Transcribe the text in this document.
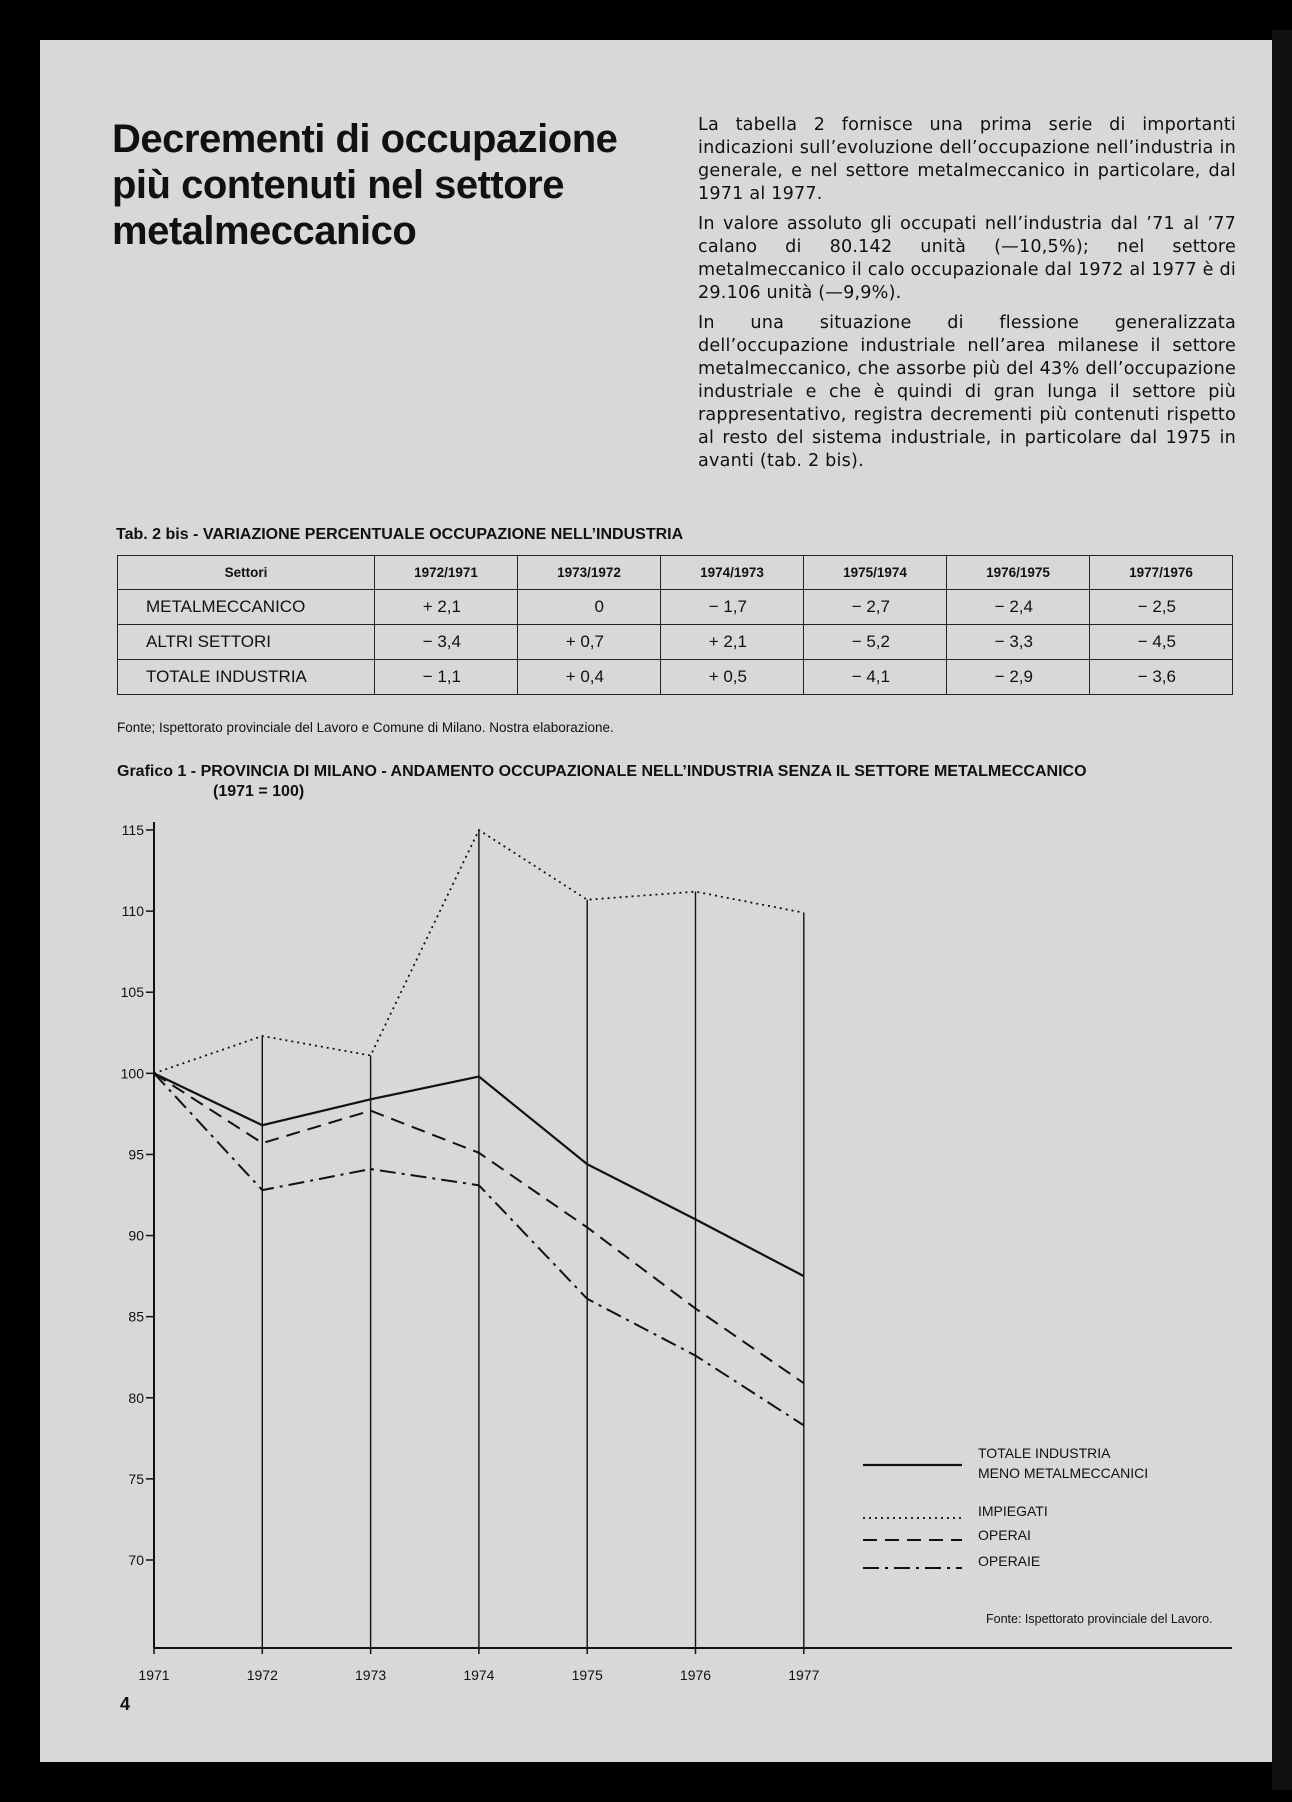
Decrementi di occupazione più contenuti nel settore metalmeccanico

La tabella 2 fornisce una prima serie di importanti indicazioni sull’evoluzione dell’occupazione nell’industria in generale, e nel settore metalmeccanico in particolare, dal 1971 al 1977.

In valore assoluto gli occupati nell’industria dal ’71 al ’77 calano di 80.142 unità (—10,5%); nel settore metalmeccanico il calo occupazionale dal 1972 al 1977 è di 29.106 unità (—9,9%).

In una situazione di flessione generalizzata dell’occupazione industriale nell’area milanese il settore metalmeccanico, che assorbe più del 43% dell’occupazione industriale e che è quindi di gran lunga il settore più rappresentativo, registra decrementi più contenuti rispetto al resto del sistema industriale, in particolare dal 1975 in avanti (tab. 2 bis).

Tab. 2 bis - VARIAZIONE PERCENTUALE OCCUPAZIONE NELL’INDUSTRIA
Settori	1972/1971	1973/1972	1974/1973	1975/1974	1976/1975	1977/1976
METALMECCANICO	+ 2,1	0	− 1,7	− 2,7	− 2,4	− 2,5
ALTRI SETTORI	− 3,4	+ 0,7	+ 2,1	− 5,2	− 3,3	− 4,5
TOTALE INDUSTRIA	− 1,1	+ 0,4	+ 0,5	− 4,1	− 2,9	− 3,6
Fonte; Ispettorato provinciale del Lavoro e Comune di Milano. Nostra elaborazione.
Grafico 1 - PROVINCIA DI MILANO - ANDAMENTO OCCUPAZIONALE NELL’INDUSTRIA SENZA IL SETTORE METALMECCANICO
(1971 = 100)
70
75
80
85
90
95
100
105
110
115
1971	1972	1973	1974	1975	1976	1977
TOTALE INDUSTRIA
MENO METALMECCANICI
IMPIEGATI
OPERAI
OPERAIE
Fonte: Ispettorato provinciale del Lavoro.
4
